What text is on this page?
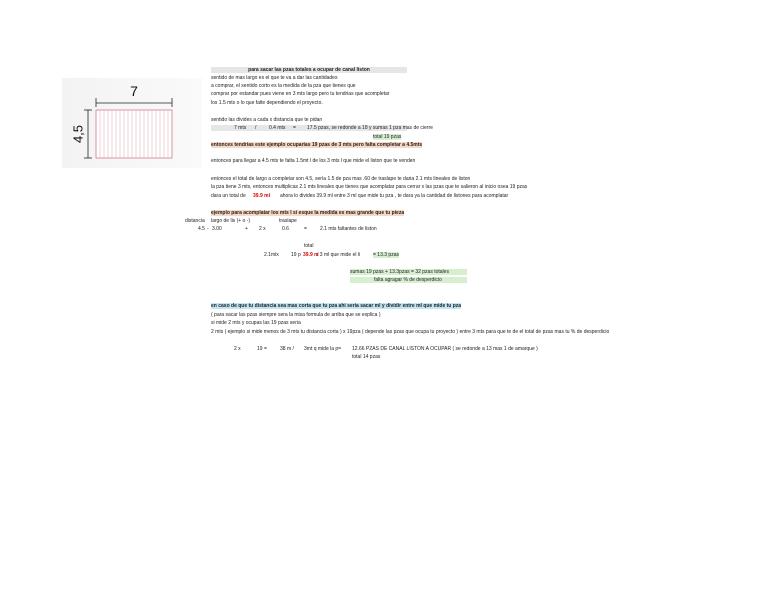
7
4,5
para sacar las pzas totales a ocupar de canal liston
sentido de mas largo es el que te va a dar las cantidades
a comprar, el sentido corto es la medida de la pza que tienes que
comprar por estandar pues viene en 3 mts largo pero tu tendrias que acompletar
los 1.5 mts o lo que falte dependiendo el proyecto.
sentido las divides a cada x distancia que te pidan
7 mts /	0.4 mts = 17.5 pzas, se redonde a 18 y sumas 1 pza mas de cierre
total 19 pzas
entonces tendrias este ejemplo ocuparias 19 pzas de 3 mts pero falta completar a 4.5mts
entonces para llegar a 4.5 mts te falta 1.5mt l de los 3 mts l que mide el liston que te venden
entonces el total de largo a completar son 4.5, serìa 1.5 de pza mas .60 de traslape te daria 2.1 mts lineales de liston
la pza tiene 3 mts, entonces multiplicas 2.1 mts lineales que tienes que acomplatar para cerrar x las pzas que te salieron al inicio osea 19 pzas
dara un total de 39.9 ml ahora lo divides 39.9 ml entre 3 ml que mide tu pza , te dara ya la cantidad de listones para acomplatar
ejemplo para acomplatar los mts l si esque la medida es mas grande que tu pieza
distancia largo de lis (+ o -)	traslape
4.5 - 3.00	+ 2 x	0.6	=	2.1 mts faltantes de liston
total
2.1mlx 19 p 39.9 m
/ 3 ml que mide el li	= 13.3 pzas
sumas 19 pzas + 13.3pzas = 32 pzas totales
falta agragar % de desperdicio
en caso de que tu distancia sea mas corta que tu pza ahi seria sacar ml y dividir entre ml que mide tu pza
( para sacar las pzas siempre sera la misa formula de arriba que se explica )
si mide 2 mts y ocupas las 19 pzas seria
2 mts ( ejemplo si mide menos de 3 mts tu distancia corta ) x 19pza ( depende las pzas que ocupa tu proyecto ) entre 3 mts para que te de el total de pzas mas tu % de desperdicio
2 x	19 =	38 m / 3mt q mide la p= 12.66 PZAS DE CANAL LISTON A OCUPAR ( se redonde a 13 mas 1 de amarque )
total 14 pzas
